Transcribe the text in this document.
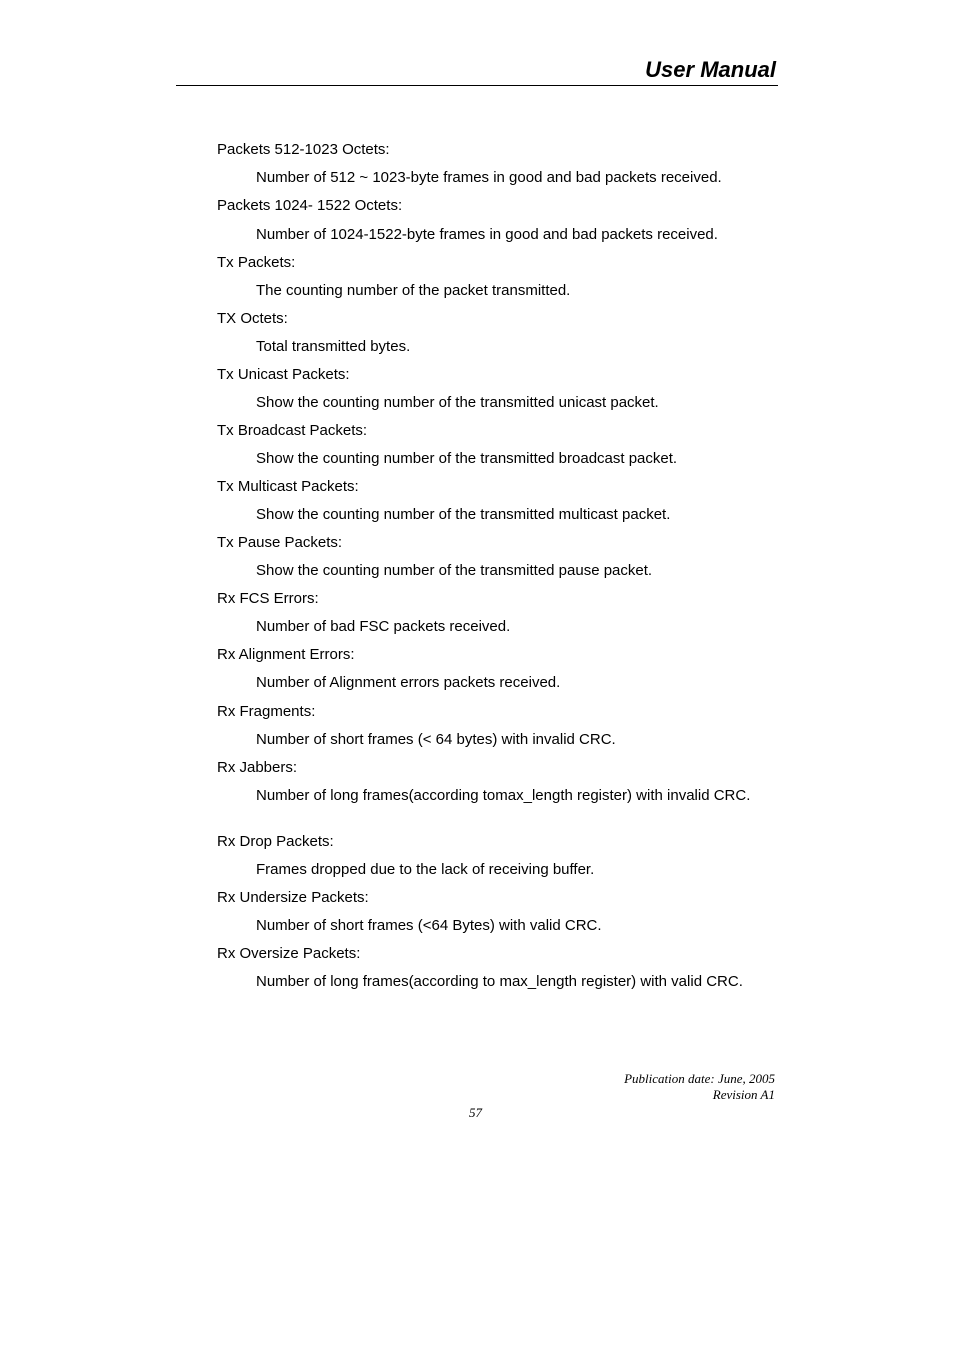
User Manual
Packets 512-1023 Octets:
Number of 512 ~ 1023-byte frames in good and bad packets received.
Packets 1024- 1522 Octets:
Number of 1024-1522-byte frames in good and bad packets received.
Tx Packets:
The counting number of the packet transmitted.
TX Octets:
Total transmitted bytes.
Tx Unicast Packets:
Show the counting number of the transmitted unicast packet.
Tx Broadcast Packets:
Show the counting number of the transmitted broadcast packet.
Tx Multicast Packets:
Show the counting number of the transmitted multicast packet.
Tx Pause Packets:
Show the counting number of the transmitted pause packet.
Rx FCS Errors:
Number of bad FSC packets received.
Rx Alignment Errors:
Number of Alignment errors packets received.
Rx Fragments:
Number of short frames (< 64 bytes) with invalid CRC.
Rx Jabbers:
Number of long frames(according tomax_length register) with invalid CRC.
Rx Drop Packets:
Frames dropped due to the lack of receiving buffer.
Rx Undersize Packets:
Number of short frames (<64 Bytes) with valid CRC.
Rx Oversize Packets:
Number of long frames(according to max_length register) with valid CRC.
Publication date: June, 2005
Revision A1
57
